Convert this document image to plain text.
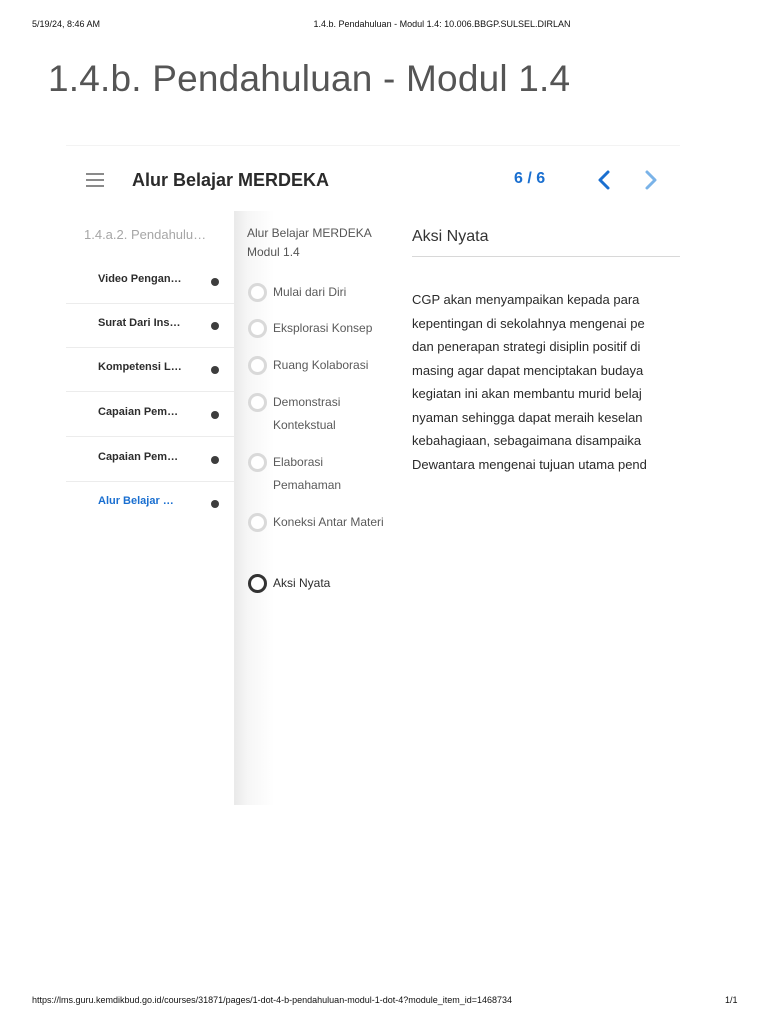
5/19/24, 8:46 AM	1.4.b. Pendahuluan - Modul 1.4: 10.006.BBGP.SULSEL.DIRLAN
1.4.b. Pendahuluan - Modul 1.4
Alur Belajar MERDEKA	6 / 6
1.4.a.2. Pendahulu…
Video Pengan…
Surat Dari Ins…
Kompetensi L…
Capaian Pem…
Capaian Pem…
Alur Belajar …
Alur Belajar MERDEKA
Modul 1.4
Mulai dari Diri
Eksplorasi Konsep
Ruang Kolaborasi
Demonstrasi Kontekstual
Elaborasi Pemahaman
Koneksi Antar Materi
Aksi Nyata
Aksi Nyata
CGP akan menyampaikan kepada para
kepentingan di sekolahnya mengenai pe
dan penerapan strategi disiplin positif di
masing agar dapat menciptakan budaya
kegiatan ini akan membantu murid belaj
nyaman sehingga dapat meraih keselan
kebahagiaan, sebagaimana disampaika
Dewantara mengenai tujuan utama pend
https://lms.guru.kemdikbud.go.id/courses/31871/pages/1-dot-4-b-pendahuluan-modul-1-dot-4?module_item_id=1468734	1/1
